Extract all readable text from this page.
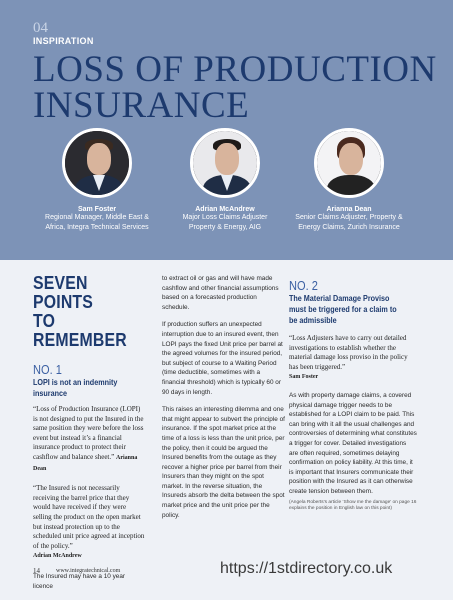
04
INSPIRATION
LOSS OF PRODUCTION
INSURANCE
Sam Foster
Regional Manager, Middle East &
Africa, Integra Technical Services
Adrian McAndrew
Major Loss Claims Adjuster
Property & Energy, AIG
Arianna Dean
Senior Claims Adjuster, Property &
Energy Claims, Zurich Insurance
SEVEN POINTS
TO REMEMBER
NO. 1
LOPI is not an indemnity insurance
“Loss of Production Insurance (LOPI) is not designed to put the Insured in the same position they were before the loss event but instead it’s a financial insurance product to protect their cashflow and balance sheet.” Arianna Dean
“The Insured is not necessarily receiving the barrel price that they would have received if they were selling the product on the open market but instead protection up to the scheduled unit price agreed at inception of the policy.”
Adrian McAndrew
The Insured may have a 10 year licence
to extract oil or gas and will have made cashflow and other financial assumptions based on a forecasted production schedule.
If production suffers an unexpected interruption due to an insured event, then LOPI pays the fixed Unit price per barrel at the agreed volumes for the insured period, but subject of course to a Waiting Period (time deductible, sometimes with a financial threshold) which is typically 60 or 90 days in length.
This raises an interesting dilemma and one that might appear to subvert the principle of insurance. If the spot market price at the time of a loss is less than the unit price, per the policy, then it could be argued the Insured benefits from the outage as they recover a higher price per barrel from their Insurers than they might on the spot market. In the reverse situation, the Insureds absorb the delta between the spot market price and the unit price per the policy.
NO. 2
The Material Damage Proviso must be triggered for a claim to be admissible
“Loss Adjusters have to carry out detailed investigations to establish whether the material damage loss proviso in the policy has been triggered.”
Sam Foster
As with property damage claims, a covered physical damage trigger needs to be established for a LOPI claim to be paid. This can bring with it all the usual challenges and controversies of determining what constitutes a trigger for cover. Detailed investigations are often required, sometimes delaying confirmation on policy liability. At this time, it is important that Insurers communicate their position with the Insured as it can otherwise create tension between them.
(Angela Roberts’s article ‘Show me the damage’ on page 16 explains the position in English law on this point)
14	www.integratechnical.com	https://1stdirectory.co.uk
